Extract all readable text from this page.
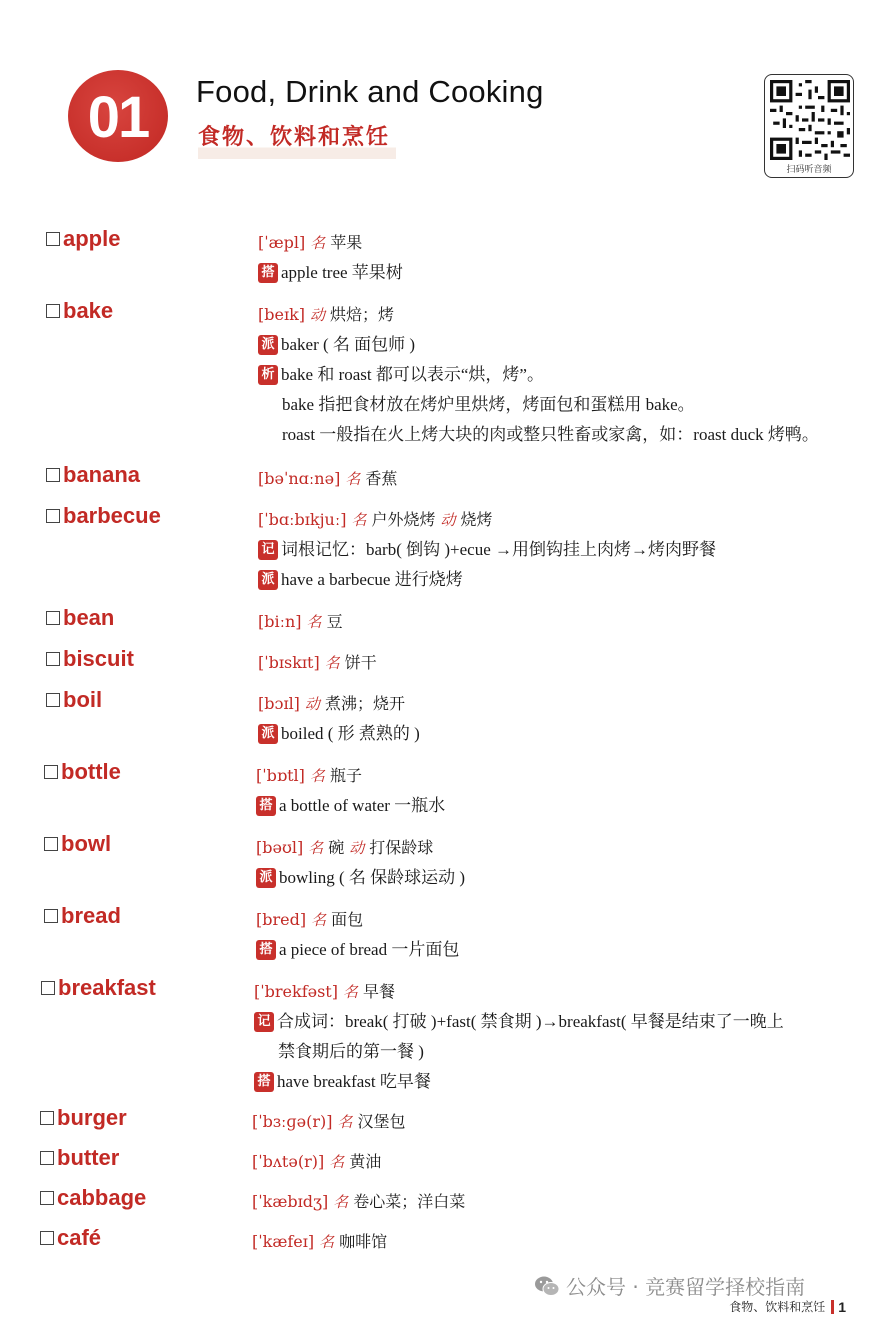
01 Food, Drink and Cooking
食物、饮料和烹饪
扫码听音频
apple	[ˈæpl] 名 苹果
搭 apple tree 苹果树
bake	[beɪk] 动 烘焙；烤
派 baker ( 名 面包师 )
析 bake 和 roast 都可以表示“烘，烤”。
bake 指把食材放在烤炉里烘烤，烤面包和蛋糕用 bake。
roast 一般指在火上烤大块的肉或整只牲畜或家禽，如：roast duck 烤鸭。
banana	[bəˈnɑːnə] 名 香蕉
barbecue	[ˈbɑːbɪkjuː] 名 户外烧烤 动 烧烤
记 词根记忆：barb( 倒钩 )+ecue →用倒钩挂上肉烤→烤肉野餐
派 have a barbecue 进行烧烤
bean	[biːn] 名 豆
biscuit	[ˈbɪskɪt] 名 饼干
boil	[bɔɪl] 动 煮沸；烧开
派 boiled ( 形 煮熟的 )
bottle	[ˈbɒtl] 名 瓶子
搭 a bottle of water 一瓶水
bowl	[bəʊl] 名 碗 动 打保龄球
派 bowling ( 名 保龄球运动 )
bread	[bred] 名 面包
搭 a piece of bread 一片面包
breakfast	[ˈbrekfəst] 名 早餐
记 合成词：break( 打破 )+fast( 禁食期 )→breakfast( 早餐是结束了一晚上
禁食期后的第一餐 )
搭 have breakfast 吃早餐
burger	[ˈbɜːɡə(r)] 名 汉堡包
butter	[ˈbʌtə(r)] 名 黄油
cabbage	[ˈkæbɪdʒ] 名 卷心菜；洋白菜
café	[ˈkæfeɪ] 名 咖啡馆
公众号 · 竞赛留学择校指南
食物、饮料和烹饪 1
